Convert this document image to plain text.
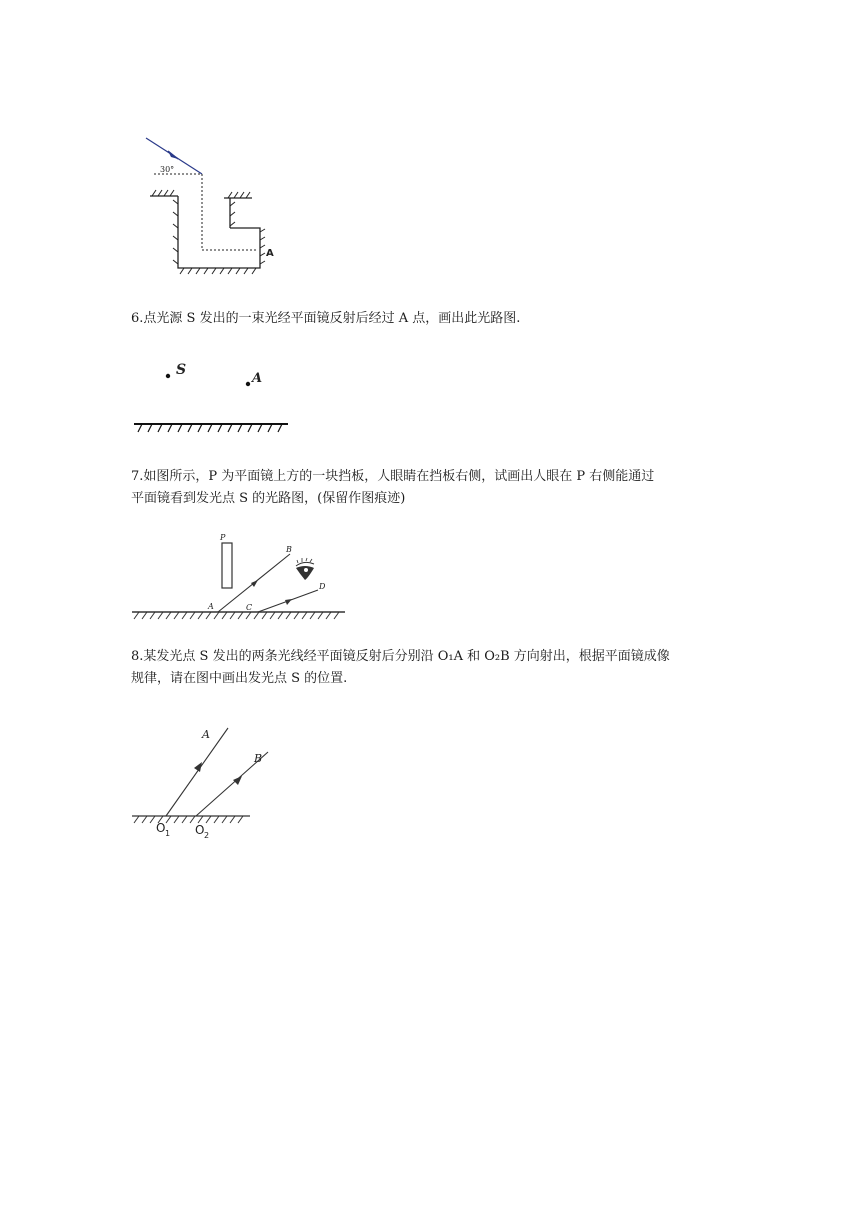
30°
A

6.点光源 S 发出的一束光经平面镜反射后经过 A 点，画出此光路图.

S
A

7.如图所示，P 为平面镜上方的一块挡板，人眼睛在挡板右侧，试画出人眼在 P 右侧能通过
平面镜看到发光点 S 的光路图，(保留作图痕迹)

P
A
B
C
D

8.某发光点 S 发出的两条光线经平面镜反射后分别沿 O₁A 和 O₂B 方向射出，根据平面镜成像
规律，请在图中画出发光点 S 的位置.

A
B
O 1 O 2
